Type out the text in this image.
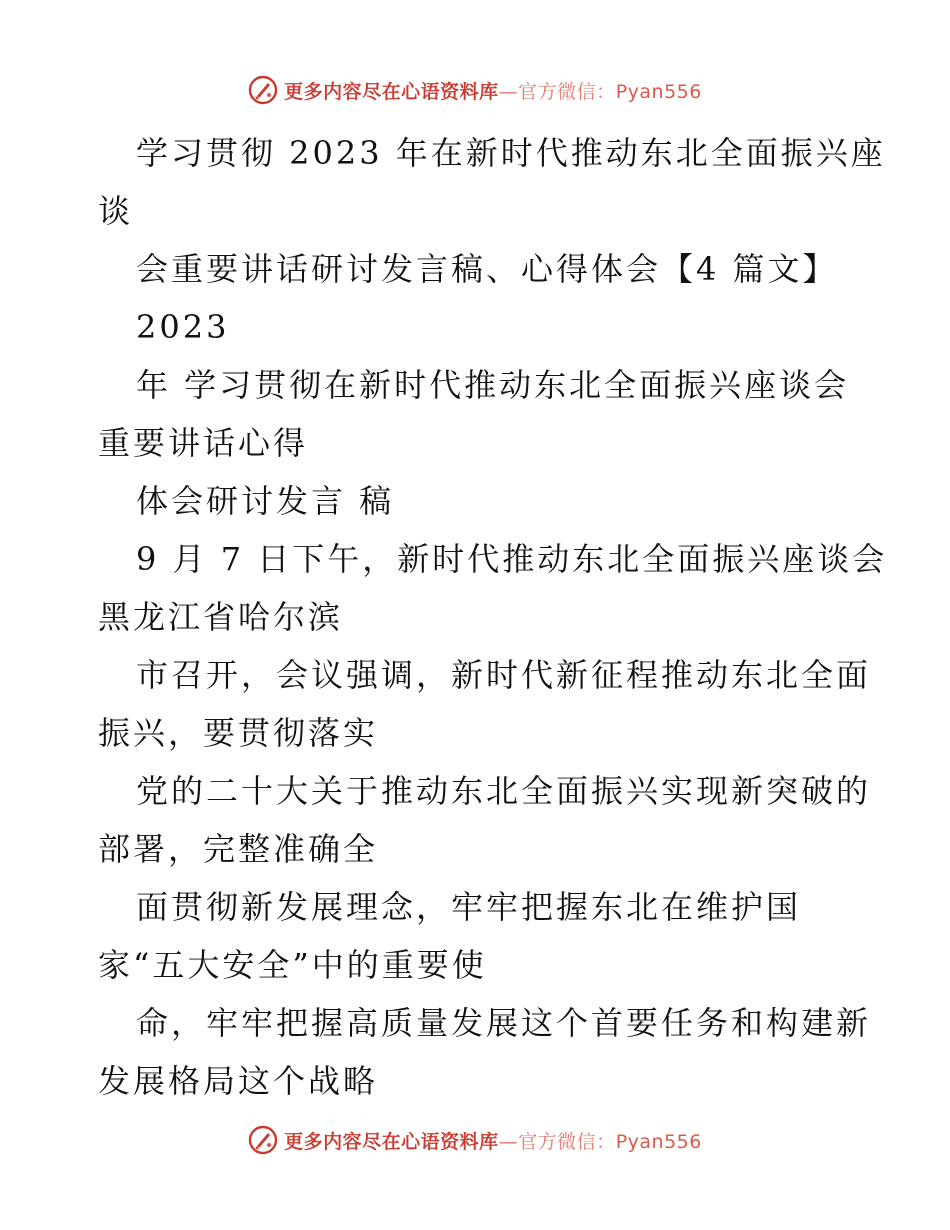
更多内容尽在心语资料库—官方微信：Pyan556
学习贯彻 2023 年在新时代推动东北全面振兴座
谈
会重要讲话研讨发言稿、心得体会【4 篇文】
2023
年 学习贯彻在新时代推动东北全面振兴座谈会
重要讲话心得
体会研讨发言 稿
9 月 7 日下午，新时代推动东北全面振兴座谈会
黑龙江省哈尔滨
市召开，会议强调，新时代新征程推动东北全面
振兴，要贯彻落实
党的二十大关于推动东北全面振兴实现新突破的
部署，完整准确全
面贯彻新发展理念，牢牢把握东北在维护国
家“五大安全”中的重要使
命，牢牢把握高质量发展这个首要任务和构建新
发展格局这个战略
更多内容尽在心语资料库—官方微信：Pyan556
